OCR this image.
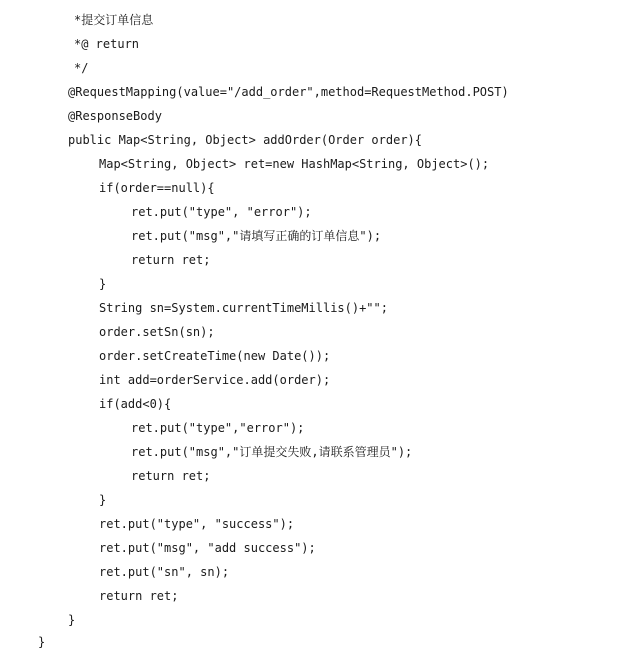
*提交订单信息
*@ return
*/
@RequestMapping(value="/add_order",method=RequestMethod.POST)
@ResponseBody
public Map<String, Object> addOrder(Order order){
Map<String, Object> ret=new HashMap<String, Object>();
if(order==null){
ret.put("type", "error");
ret.put("msg","请填写正确的订单信息");
return ret;
}
String sn=System.currentTimeMillis()+"";
order.setSn(sn);
order.setCreateTime(new Date());
int add=orderService.add(order);
if(add<0){
ret.put("type","error");
ret.put("msg","订单提交失败,请联系管理员");
return ret;
}
ret.put("type", "success");
ret.put("msg", "add success");
ret.put("sn", sn);
return ret;
}
}
